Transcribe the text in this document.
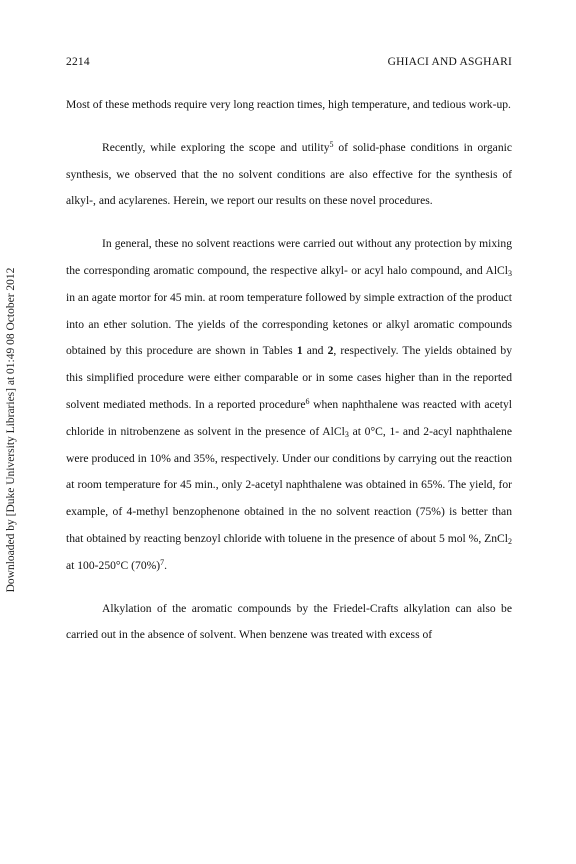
2214	GHIACI AND ASGHARI
Downloaded by [Duke University Libraries] at 01:49 08 October 2012

Most of these methods require very long reaction times, high temperature, and tedious work-up.

Recently, while exploring the scope and utility$^5$ of solid-phase conditions in organic synthesis, we observed that the no solvent conditions are also effective for the synthesis of alkyl-, and acylarenes. Herein, we report our results on these novel procedures.

In general, these no solvent reactions were carried out without any protection by mixing the corresponding aromatic compound, the respective alkyl- or acyl halo compound, and AlCl$_3$ in an agate mortor for 45 min. at room temperature followed by simple extraction of the product into an ether solution. The yields of the corresponding ketones or alkyl aromatic compounds obtained by this procedure are shown in Tables 1 and 2, respectively. The yields obtained by this simplified procedure were either comparable or in some cases higher than in the reported solvent mediated methods. In a reported procedure$^6$ when naphthalene was reacted with acetyl chloride in nitrobenzene as solvent in the presence of AlCl$_3$ at 0°C, 1- and 2-acyl naphthalene were produced in 10% and 35%, respectively. Under our conditions by carrying out the reaction at room temperature for 45 min., only 2-acetyl naphthalene was obtained in 65%. The yield, for example, of 4-methyl benzophenone obtained in the no solvent reaction (75%) is better than that obtained by reacting benzoyl chloride with toluene in the presence of about 5 mol %, ZnCl$_2$ at 100-250°C $(70\%)^7$.

Alkylation of the aromatic compounds by the Friedel-Crafts alkylation can also be carried out in the absence of solvent. When benzene was treated with excess of
